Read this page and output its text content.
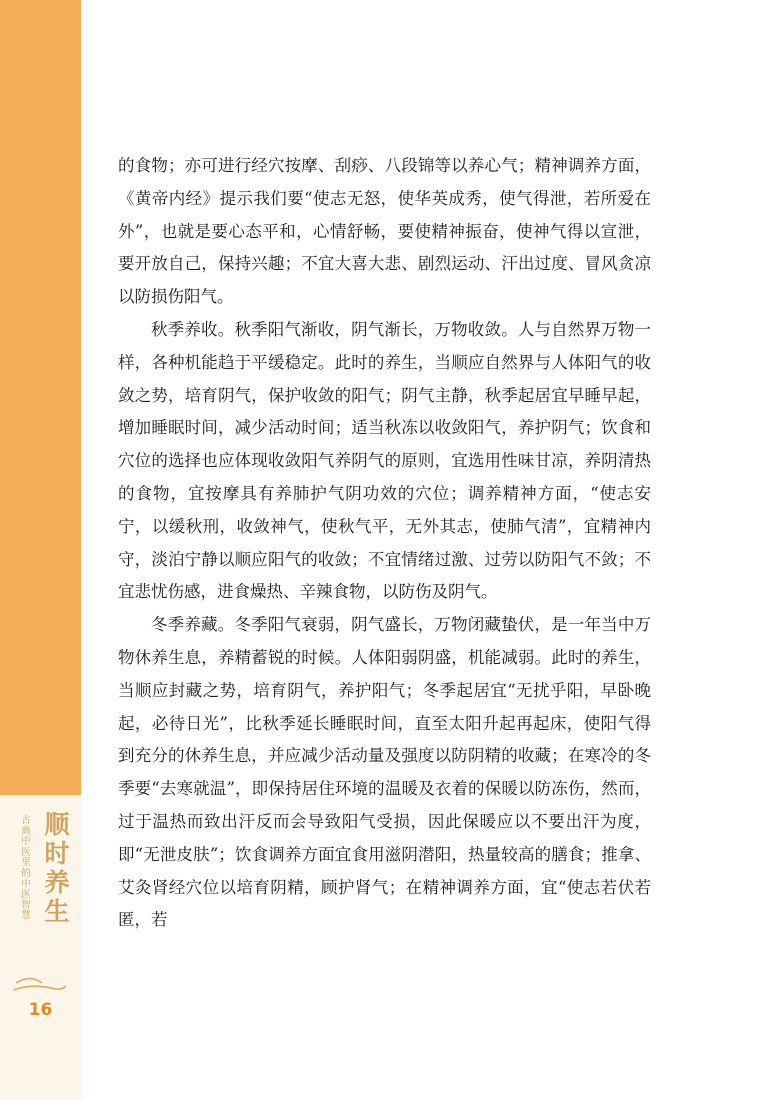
古
典
中
医
里
的
中
医
智
慧
顺
时
养
生
16

的食物；亦可进行经穴按摩、刮痧、八段锦等以养心气；精神调养方面，《黄帝内经》提示我们要“使志无怒，使华英成秀，使气得泄，若所爱在外”，也就是要心态平和，心情舒畅，要使精神振奋，使神气得以宣泄，要开放自己，保持兴趣；不宜大喜大悲、剧烈运动、汗出过度、冒风贪凉以防损伤阳气。

秋季养收。秋季阳气渐收，阴气渐长，万物收敛。人与自然界万物一样，各种机能趋于平缓稳定。此时的养生，当顺应自然界与人体阳气的收敛之势，培育阴气，保护收敛的阳气；阴气主静，秋季起居宜早睡早起，增加睡眠时间，减少活动时间；适当秋冻以收敛阳气，养护阴气；饮食和穴位的选择也应体现收敛阳气养阴气的原则，宜选用性味甘凉，养阴清热的食物，宜按摩具有养肺护气阴功效的穴位；调养精神方面，“使志安宁，以缓秋刑，收敛神气，使秋气平，无外其志，使肺气清”，宜精神内守，淡泊宁静以顺应阳气的收敛；不宜情绪过激、过劳以防阳气不敛；不宜悲忧伤感，进食燥热、辛辣食物，以防伤及阴气。

冬季养藏。冬季阳气衰弱，阴气盛长，万物闭藏蛰伏，是一年当中万物休养生息，养精蓄锐的时候。人体阳弱阴盛，机能减弱。此时的养生，当顺应封藏之势，培育阴气，养护阳气；冬季起居宜“无扰乎阳，早卧晚起，必待日光”，比秋季延长睡眠时间，直至太阳升起再起床，使阳气得到充分的休养生息，并应减少活动量及强度以防阴精的收藏；在寒冷的冬季要“去寒就温”，即保持居住环境的温暖及衣着的保暖以防冻伤，然而，过于温热而致出汗反而会导致阳气受损，因此保暖应以不要出汗为度，即“无泄皮肤”；饮食调养方面宜食用滋阴潜阳，热量较高的膳食；推拿、艾灸肾经穴位以培育阴精，顾护肾气；在精神调养方面，宜“使志若伏若匿，若
